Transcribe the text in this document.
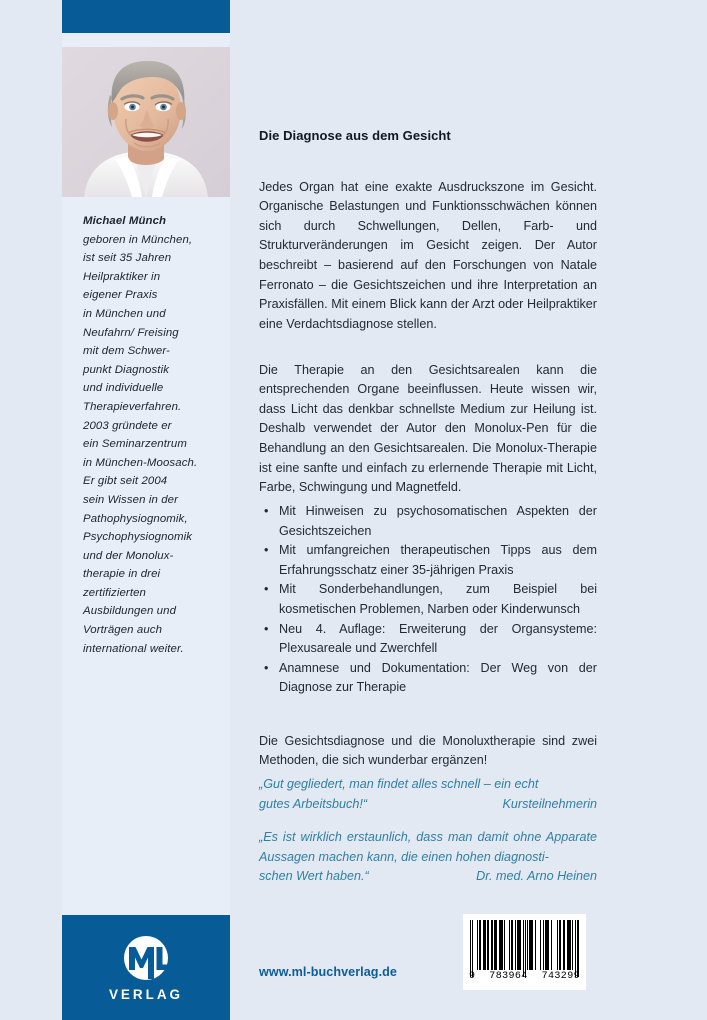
Michael Münch
geboren in München,
ist seit 35 Jahren
Heilpraktiker in
eigener Praxis
in München und
Neufahrn/ Freising
mit dem Schwer-
punkt Diagnostik
und individuelle
Therapieverfahren.
2003 gründete er
ein Seminarzentrum
in München-Moosach.
Er gibt seit 2004
sein Wissen in der
Pathophysiognomik,
Psychophysiognomik
und der Monolux-
therapie in drei
zertifizierten
Ausbildungen und
Vorträgen auch
international weiter.
VERLAG
Die Diagnose aus dem Gesicht

Jedes Organ hat eine exakte Ausdruckszone im Gesicht. Organische Belastungen und Funktionsschwächen können sich durch Schwellungen, Dellen, Farb- und Strukturveränderungen im Gesicht zeigen. Der Autor beschreibt – basierend auf den Forschungen von Natale Ferronato – die Gesichtszeichen und ihre Interpretation an Praxisfällen. Mit einem Blick kann der Arzt oder Heilpraktiker eine Verdachtsdiagnose stellen.

Die Therapie an den Gesichtsarealen kann die entsprechenden Organe beeinflussen. Heute wissen wir, dass Licht das denkbar schnellste Medium zur Heilung ist. Deshalb verwendet der Autor den Monolux-Pen für die Behandlung an den Gesichtsarealen. Die Monolux-Therapie ist eine sanfte und einfach zu erlernende Therapie mit Licht, Farbe, Schwingung und Magnetfeld.

• Mit Hinweisen zu psychosomatischen Aspekten der Gesichtszeichen
• Mit umfangreichen therapeutischen Tipps aus dem Erfahrungsschatz einer 35-jährigen Praxis
• Mit Sonderbehandlungen, zum Beispiel bei kosmetischen Problemen, Narben oder Kinderwunsch
• Neu 4. Auflage: Erweiterung der Organsysteme: Plexusareale und Zwerchfell
• Anamnese und Dokumentation: Der Weg von der Diagnose zur Therapie

Die Gesichtsdiagnose und die Monoluxtherapie sind zwei Methoden, die sich wunderbar ergänzen!

„Gut gegliedert, man findet alles schnell – ein echt
gutes Arbeitsbuch!“	Kursteilnehmerin
„Es ist wirklich erstaunlich, dass man damit ohne Apparate Aussagen machen kann, die einen hohen diagnosti-
schen Wert haben.“	Dr. med. Arno Heinen
www.ml-buchverlag.de	9 783964 743299
